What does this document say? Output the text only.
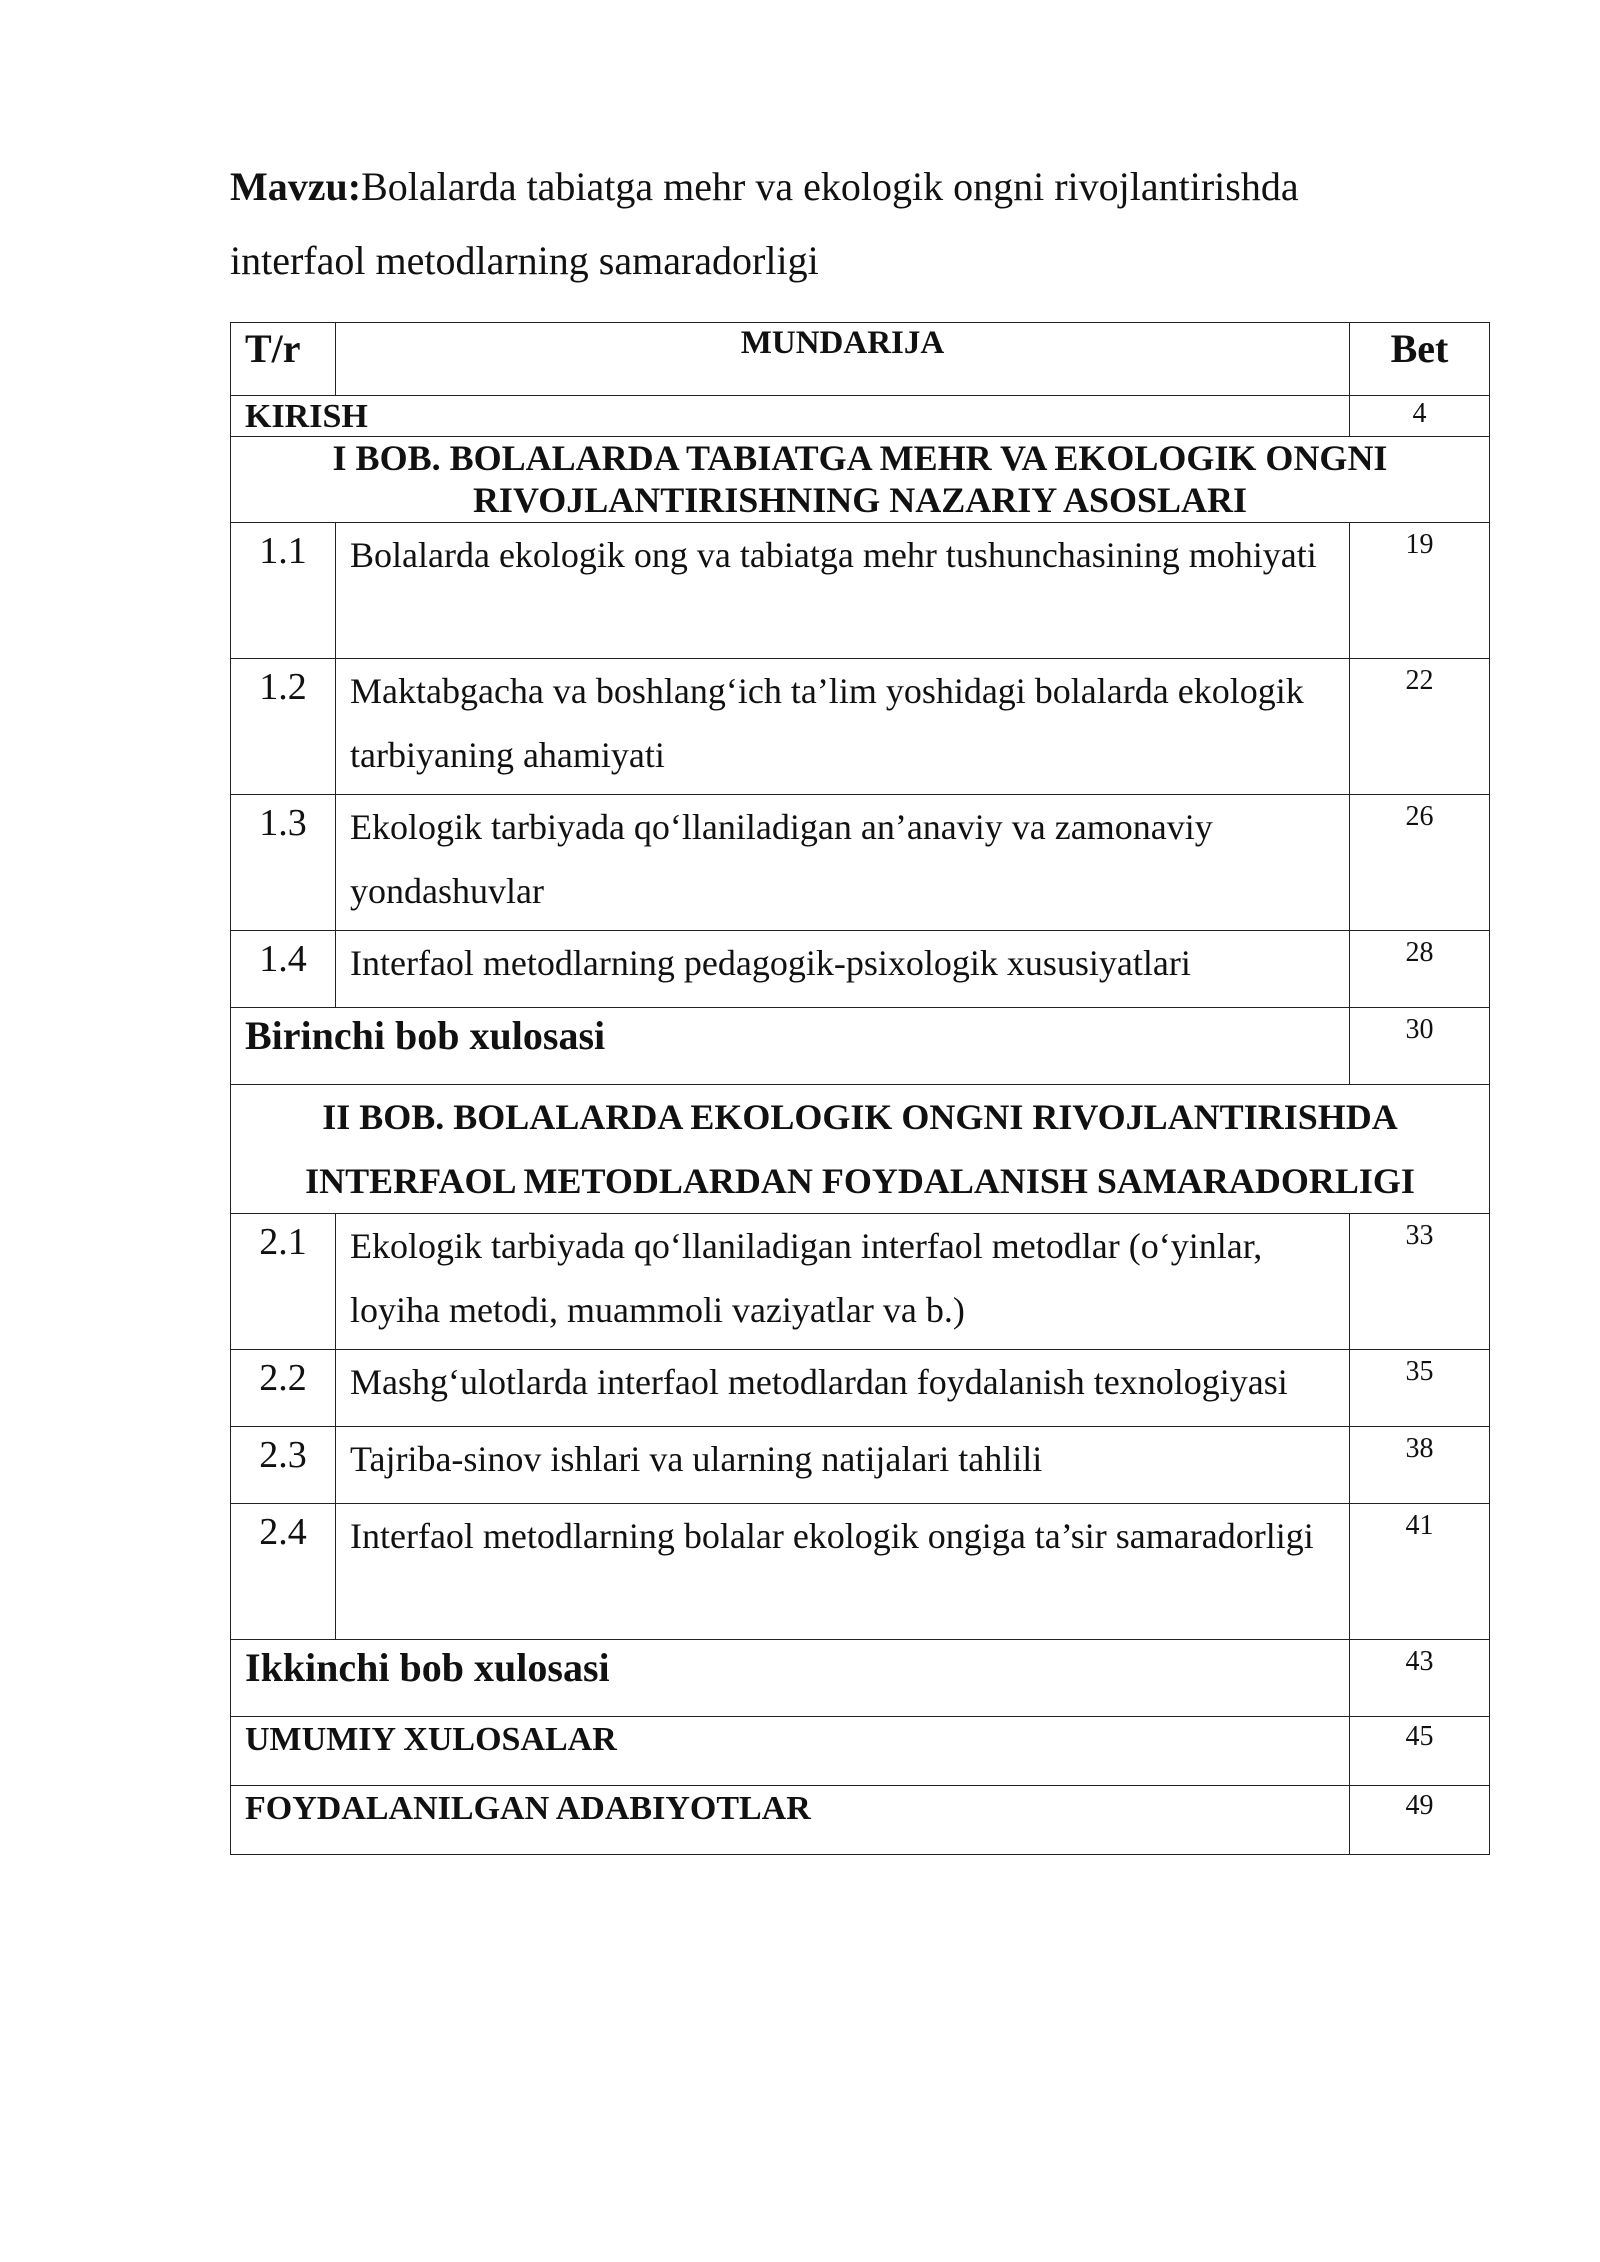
Mavzu:Bolalarda tabiatga mehr va ekologik ongni rivojlantirishda interfaol metodlarning samaradorligi

T/r	MUNDARIJA	Bet
KIRISH		4
I BOB. BOLALARDA TABIATGA MEHR VA EKOLOGIK ONGNI RIVOJLANTIRISHNING NAZARIY ASOSLARI		
1.1	Bolalarda ekologik ong va tabiatga mehr tushunchasining mohiyati	19
1.2	Maktabgacha va boshlang‘ich ta’lim yoshidagi bolalarda ekologik tarbiyaning ahamiyati	22
1.3	Ekologik tarbiyada qo‘llaniladigan an’anaviy va zamonaviy yondashuvlar	26
1.4	Interfaol metodlarning pedagogik-psixologik xususiyatlari	28
Birinchi bob xulosasi		30
II BOB. BOLALARDA EKOLOGIK ONGNI RIVOJLANTIRISHDA INTERFAOL METODLARDAN FOYDALANISH SAMARADORLIGI		
2.1	Ekologik tarbiyada qo‘llaniladigan interfaol metodlar (o‘yinlar, loyiha metodi, muammoli vaziyatlar va b.)	33
2.2	Mashg‘ulotlarda interfaol metodlardan foydalanish texnologiyasi	35
2.3	Tajriba-sinov ishlari va ularning natijalari tahlili	38
2.4	Interfaol metodlarning bolalar ekologik ongiga ta’sir samaradorligi	41
Ikkinchi bob xulosasi		43
UMUMIY XULOSALAR		45
FOYDALANILGAN ADABIYOTLAR		49
